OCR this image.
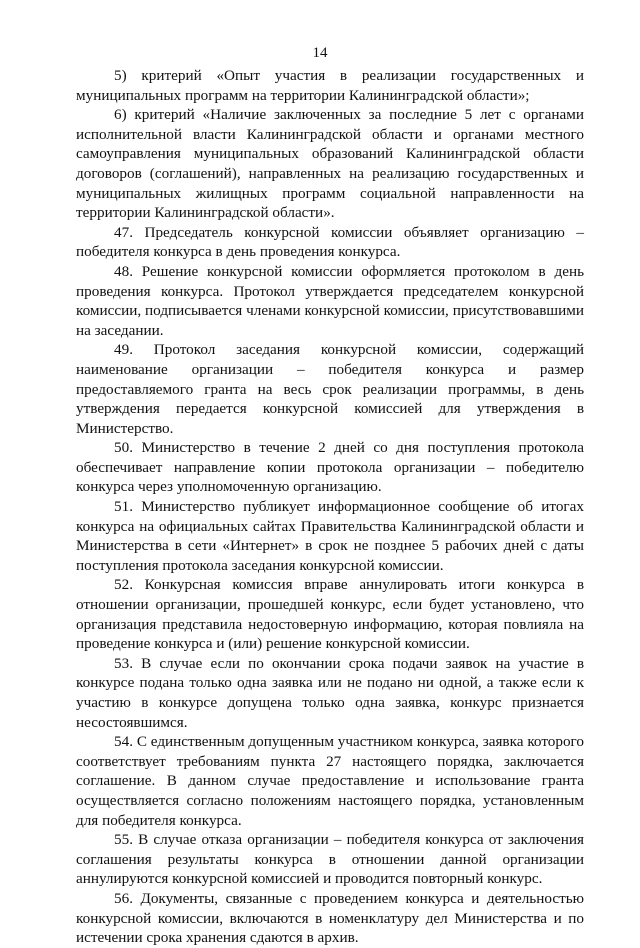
14

5) критерий «Опыт участия в реализации государственных и муниципальных программ на территории Калининградской области»;

6) критерий «Наличие заключенных за последние 5 лет с органами исполнительной власти Калининградской области и органами местного самоуправления муниципальных образований Калининградской области договоров (соглашений), направленных на реализацию государственных и муниципальных жилищных программ социальной направленности на территории Калининградской области».

47. Председатель конкурсной комиссии объявляет организацию – победителя конкурса в день проведения конкурса.

48. Решение конкурсной комиссии оформляется протоколом в день проведения конкурса. Протокол утверждается председателем конкурсной комиссии, подписывается членами конкурсной комиссии, присутствовавшими на заседании.

49. Протокол заседания конкурсной комиссии, содержащий наименование организации – победителя конкурса и размер предоставляемого гранта на весь срок реализации программы, в день утверждения передается конкурсной комиссией для утверждения в Министерство.

50. Министерство в течение 2 дней со дня поступления протокола обеспечивает направление копии протокола организации – победителю конкурса через уполномоченную организацию.

51. Министерство публикует информационное сообщение об итогах конкурса на официальных сайтах Правительства Калининградской области и Министерства в сети «Интернет» в срок не позднее 5 рабочих дней с даты поступления протокола заседания конкурсной комиссии.

52. Конкурсная комиссия вправе аннулировать итоги конкурса в отношении организации, прошедшей конкурс, если будет установлено, что организация представила недостоверную информацию, которая повлияла на проведение конкурса и (или) решение конкурсной комиссии.

53. В случае если по окончании срока подачи заявок на участие в конкурсе подана только одна заявка или не подано ни одной, а также если к участию в конкурсе допущена только одна заявка, конкурс признается несостоявшимся.

54. С единственным допущенным участником конкурса, заявка которого соответствует требованиям пункта 27 настоящего порядка, заключается соглашение. В данном случае предоставление и использование гранта осуществляется согласно положениям настоящего порядка, установленным для победителя конкурса.

55. В случае отказа организации – победителя конкурса от заключения соглашения результаты конкурса в отношении данной организации аннулируются конкурсной комиссией и проводится повторный конкурс.

56. Документы, связанные с проведением конкурса и деятельностью конкурсной комиссии, включаются в номенклатуру дел Министерства и по истечении срока хранения сдаются в архив.
